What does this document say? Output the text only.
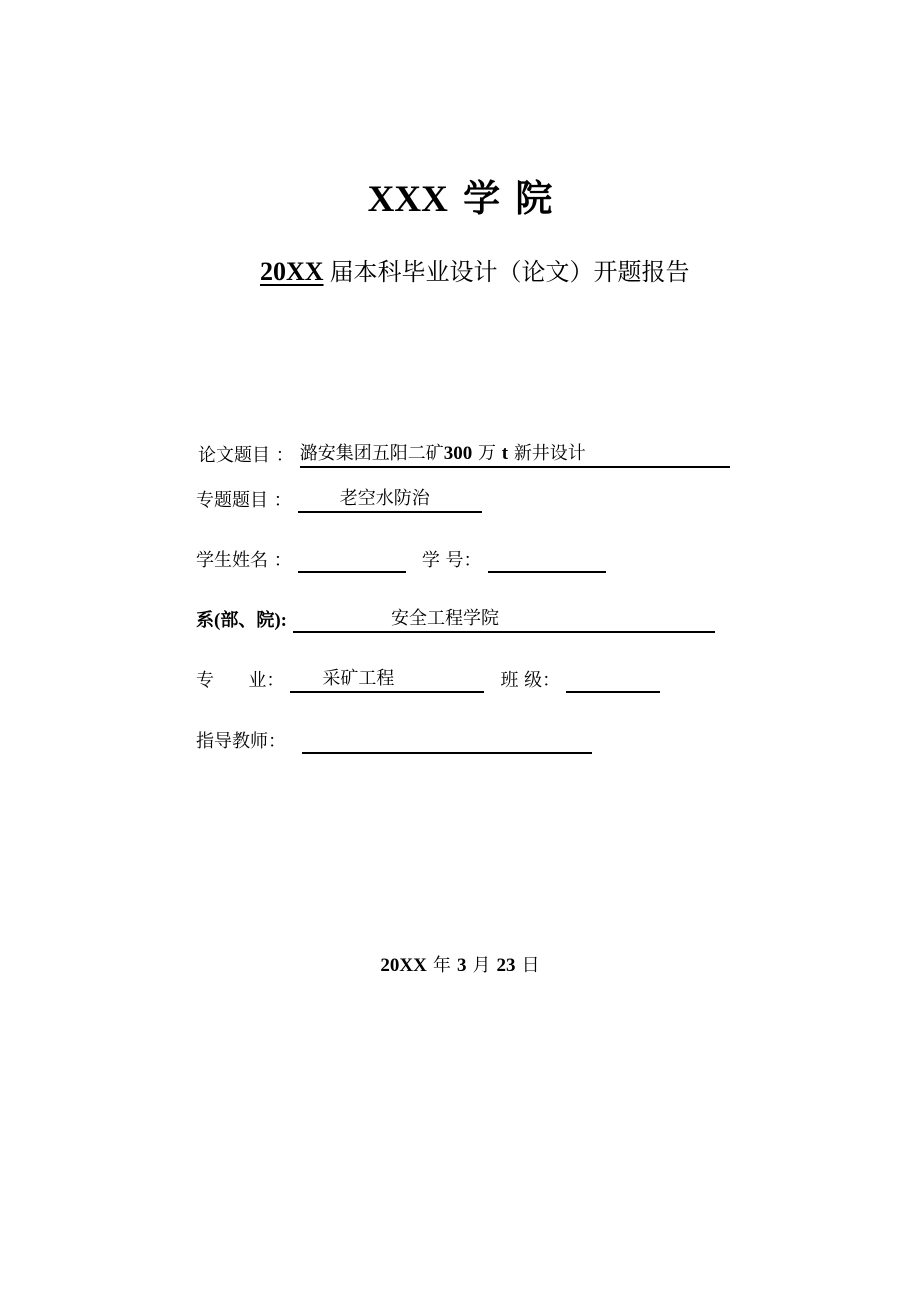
XXX 学 院
20XX 届本科毕业设计（论文）开题报告
论文题目 ： 潞安集团五阳二矿300 万 t 新井设计
专题题目 ：	老空水防治
学生姓名 ：	学 号：
系(部、院):	安全工程学院
专      业： 采矿工程	班 级：
指导教师：
20XX 年 3 月 23 日
